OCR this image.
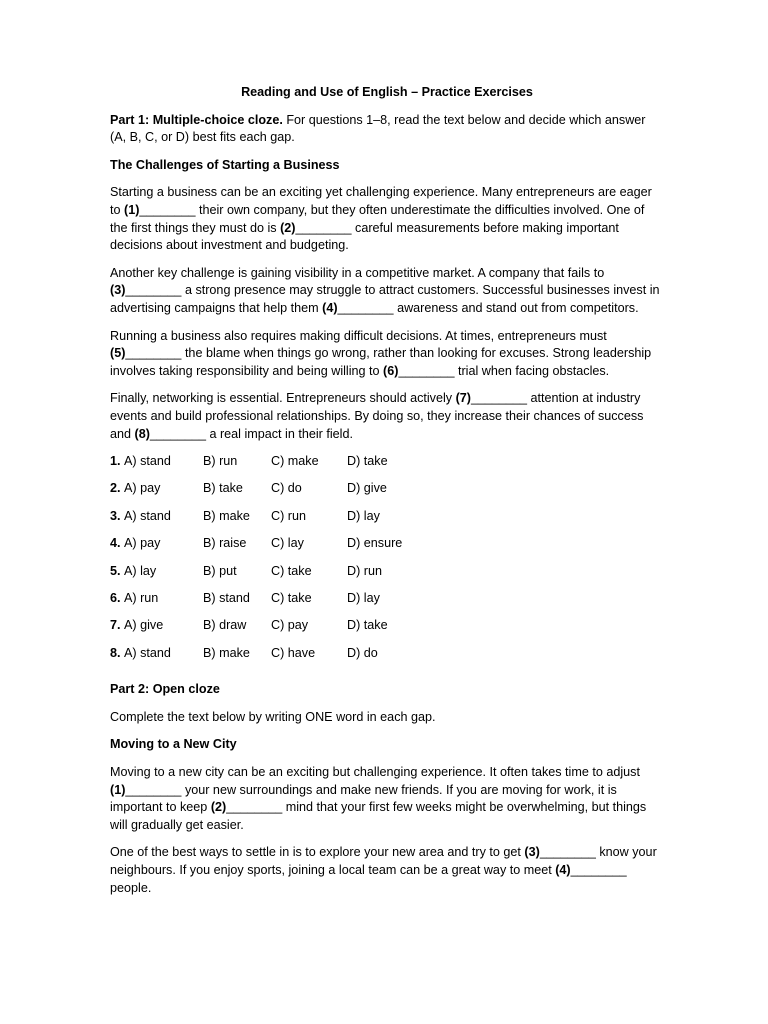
Reading and Use of English – Practice Exercises

Part 1: Multiple-choice cloze. For questions 1–8, read the text below and decide which answer (A, B, C, or D) best fits each gap.

The Challenges of Starting a Business

Starting a business can be an exciting yet challenging experience. Many entrepreneurs are eager to (1)________ their own company, but they often underestimate the difficulties involved. One of the first things they must do is (2)________ careful measurements before making important decisions about investment and budgeting.

Another key challenge is gaining visibility in a competitive market. A company that fails to (3)________ a strong presence may struggle to attract customers. Successful businesses invest in advertising campaigns that help them (4)________ awareness and stand out from competitors.

Running a business also requires making difficult decisions. At times, entrepreneurs must (5)________ the blame when things go wrong, rather than looking for excuses. Strong leadership involves taking responsibility and being willing to (6)________ trial when facing obstacles.

Finally, networking is essential. Entrepreneurs should actively (7)________ attention at industry events and build professional relationships. By doing so, they increase their chances of success and (8)________ a real impact in their field.

1. A) stand	B) run	C) make	D) take
2. A) pay	B) take	C) do	D) give
3. A) stand	B) make	C) run	D) lay
4. A) pay	B) raise	C) lay	D) ensure
5. A) lay	B) put	C) take	D) run
6. A) run	B) stand	C) take	D) lay
7. A) give	B) draw	C) pay	D) take
8. A) stand	B) make	C) have	D) do
Part 2: Open cloze

Complete the text below by writing ONE word in each gap.

Moving to a New City

Moving to a new city can be an exciting but challenging experience. It often takes time to adjust (1)________ your new surroundings and make new friends. If you are moving for work, it is important to keep (2)________ mind that your first few weeks might be overwhelming, but things will gradually get easier.

One of the best ways to settle in is to explore your new area and try to get (3)________ know your neighbours. If you enjoy sports, joining a local team can be a great way to meet (4)________ people.
